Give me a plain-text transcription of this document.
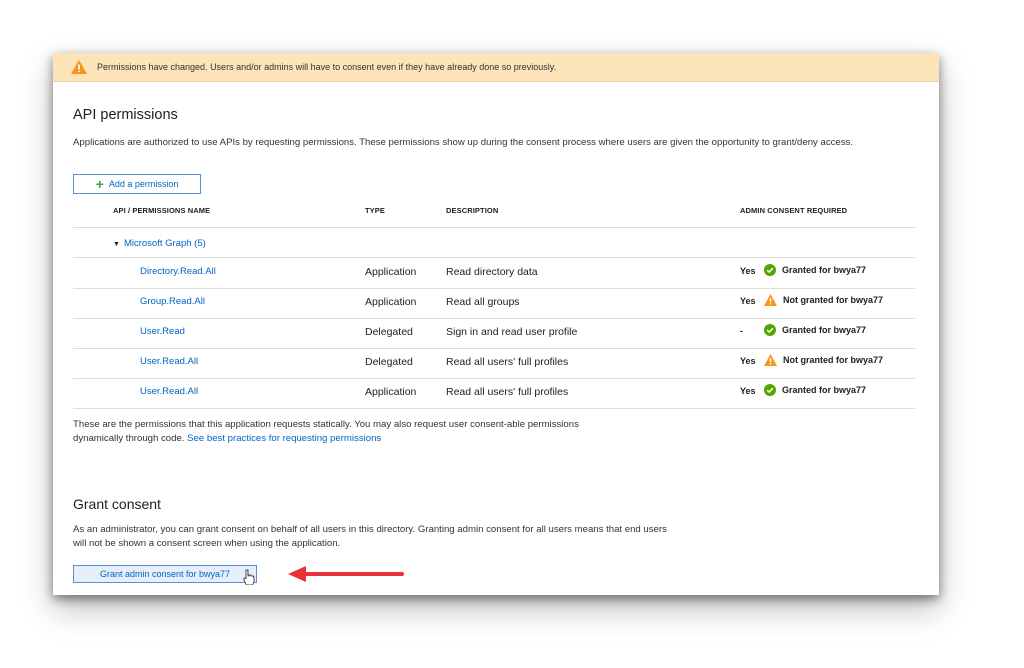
Permissions have changed. Users and/or admins will have to consent even if they have already done so previously.
API permissions
Applications are authorized to use APIs by requesting permissions. These permissions show up during the consent process where users are given the opportunity to grant/deny access.
+ Add a permission
API / PERMISSIONS NAME	TYPE	DESCRIPTION	ADMIN CONSENT REQUIRED
▼ Microsoft Graph (5)
Directory.Read.All	Application	Read directory data	Yes	Granted for bwya77
Group.Read.All	Application	Read all groups	Yes	Not granted for bwya77
User.Read	Delegated	Sign in and read user profile	-	Granted for bwya77
User.Read.All	Delegated	Read all users' full profiles	Yes	Not granted for bwya77
User.Read.All	Application	Read all users' full profiles	Yes	Granted for bwya77
These are the permissions that this application requests statically. You may also request user consent-able permissions dynamically through code. See best practices for requesting permissions
Grant consent
As an administrator, you can grant consent on behalf of all users in this directory. Granting admin consent for all users means that end users will not be shown a consent screen when using the application.
Grant admin consent for bwya77
